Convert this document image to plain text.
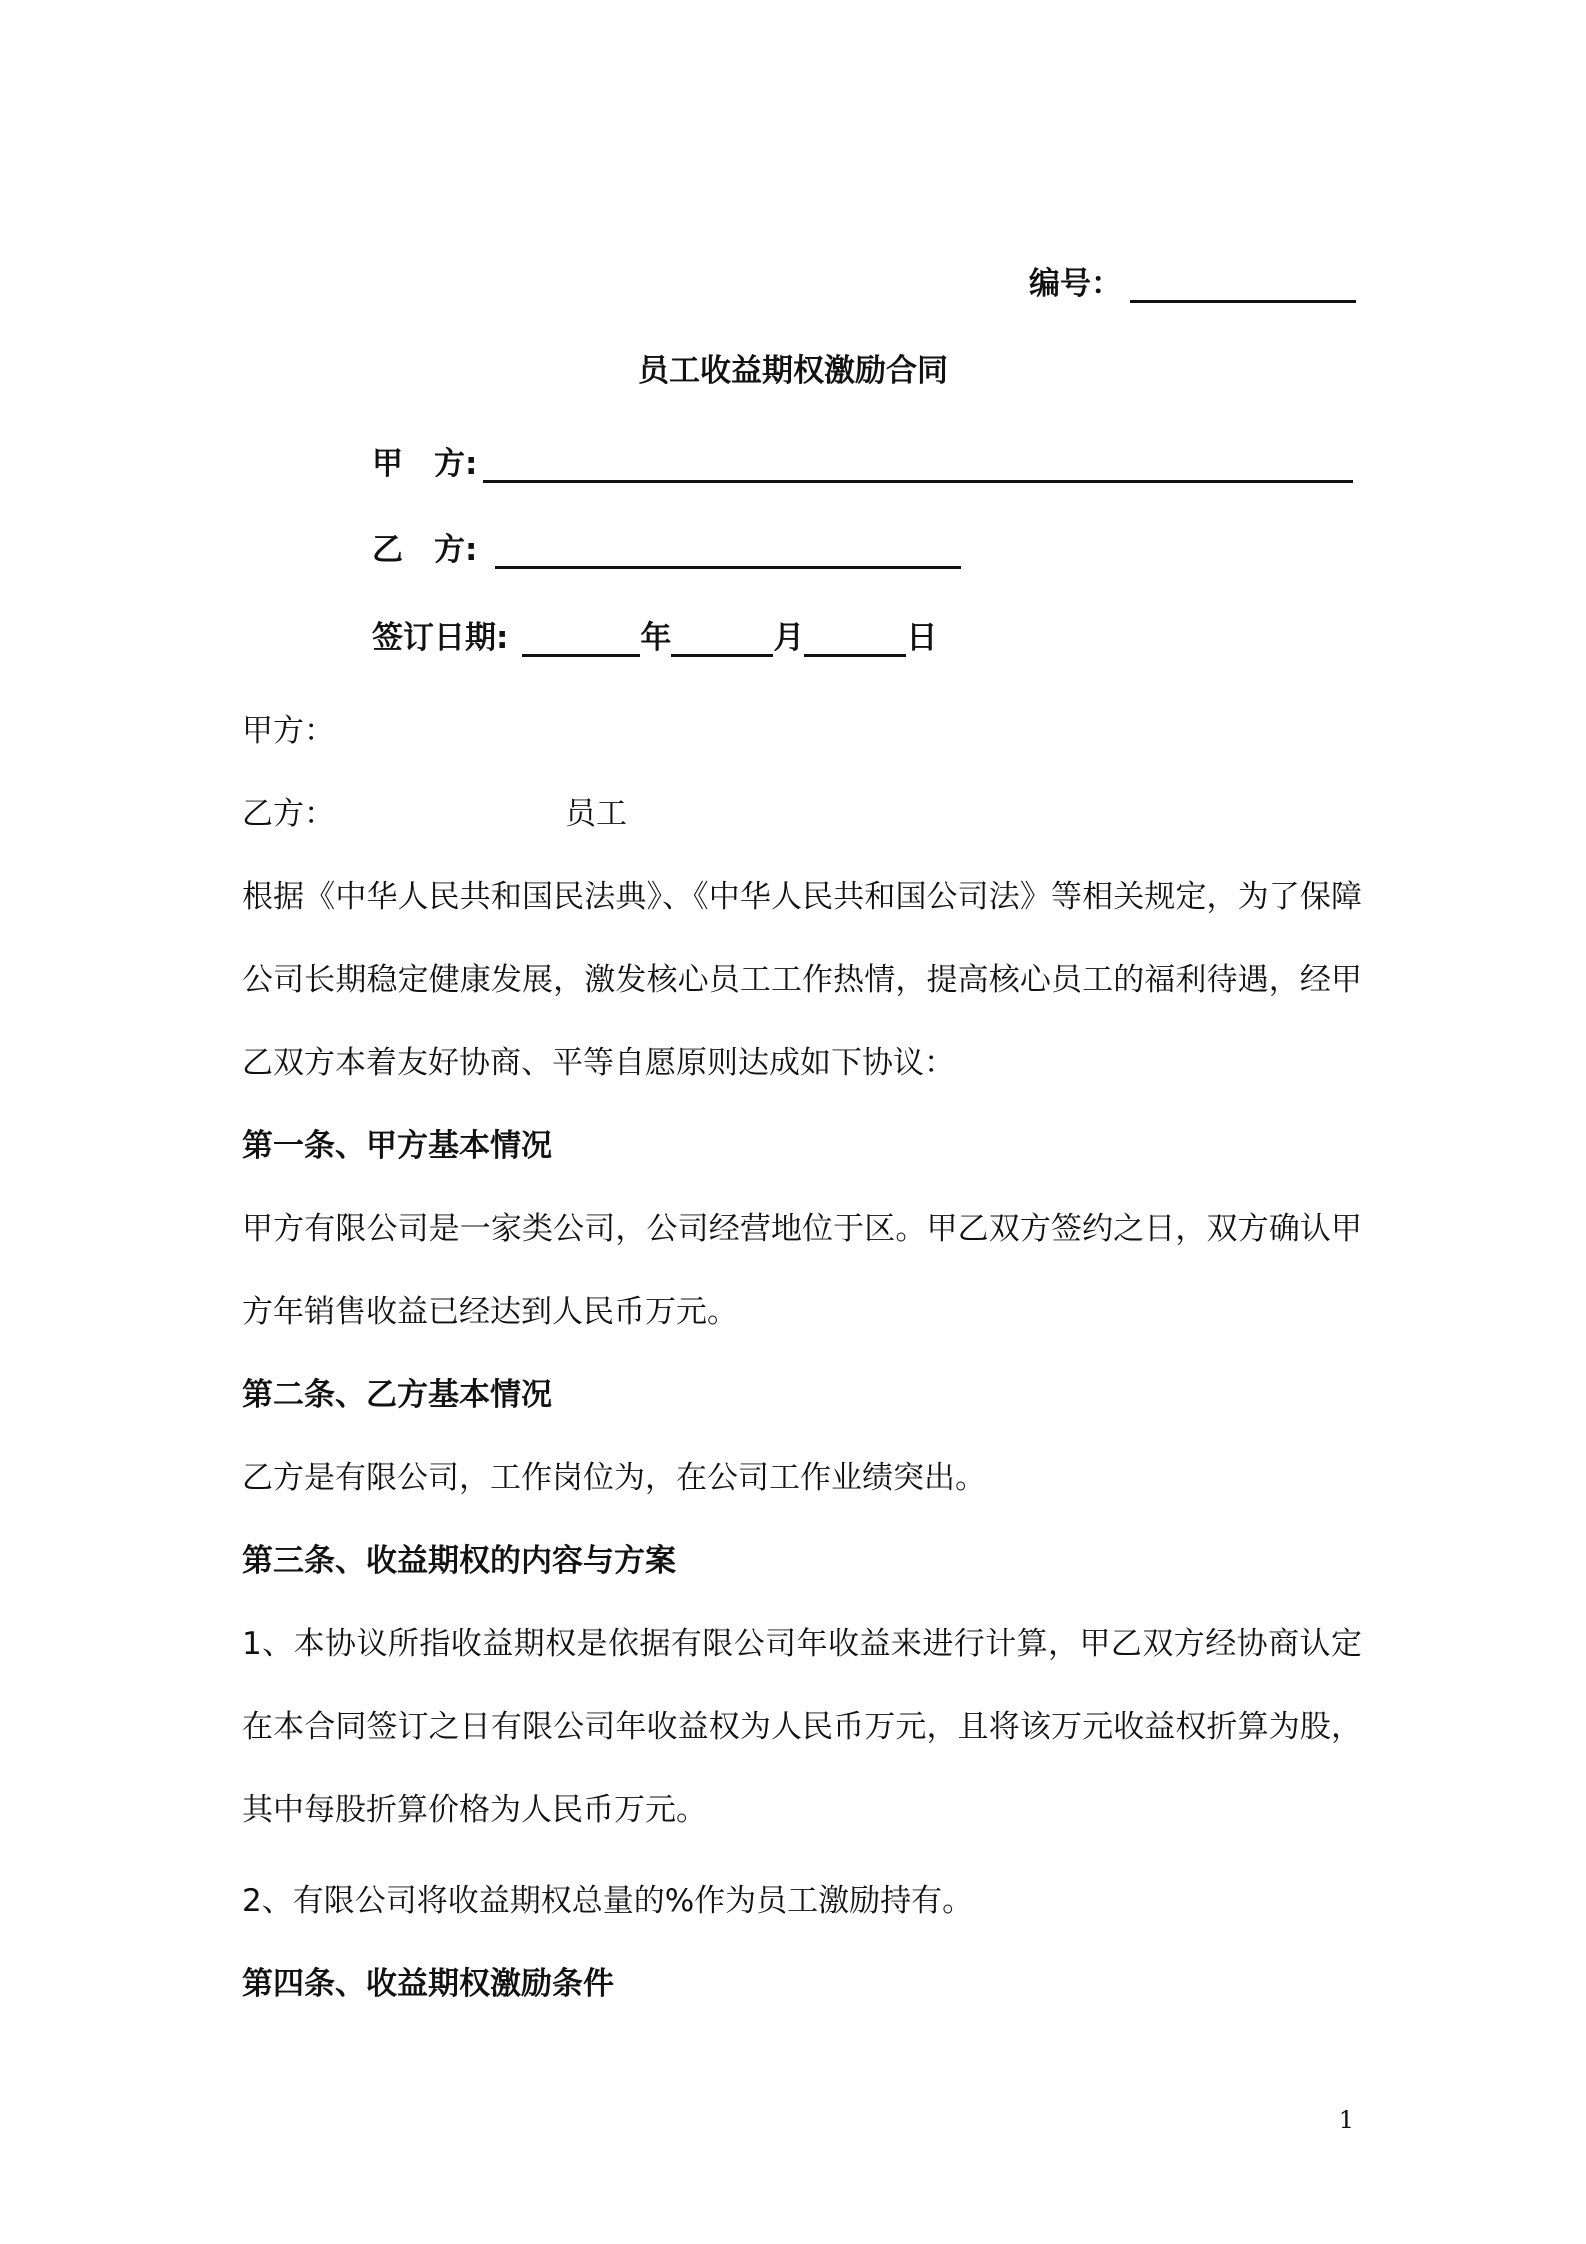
编号：
员工收益期权激励合同
甲　方:
乙　方:
签订日期:	年	月	日
甲方：
乙方：	员工
根据《中华人民共和国民法典》、《中华人民共和国公司法》等相关规定，为了保障公司长期稳定健康发展，激发核心员工工作热情，提高核心员工的福利待遇，经甲乙双方本着友好协商、平等自愿原则达成如下协议：
第一条、甲方基本情况
甲方有限公司是一家类公司，公司经营地位于区。甲乙双方签约之日，双方确认甲方年销售收益已经达到人民币万元。
第二条、乙方基本情况
乙方是有限公司，工作岗位为，在公司工作业绩突出。
第三条、收益期权的内容与方案
1、本协议所指收益期权是依据有限公司年收益来进行计算，甲乙双方经协商认定在本合同签订之日有限公司年收益权为人民币万元，且将该万元收益权折算为股，其中每股折算价格为人民币万元。
2、有限公司将收益期权总量的%作为员工激励持有。
第四条、收益期权激励条件
1
